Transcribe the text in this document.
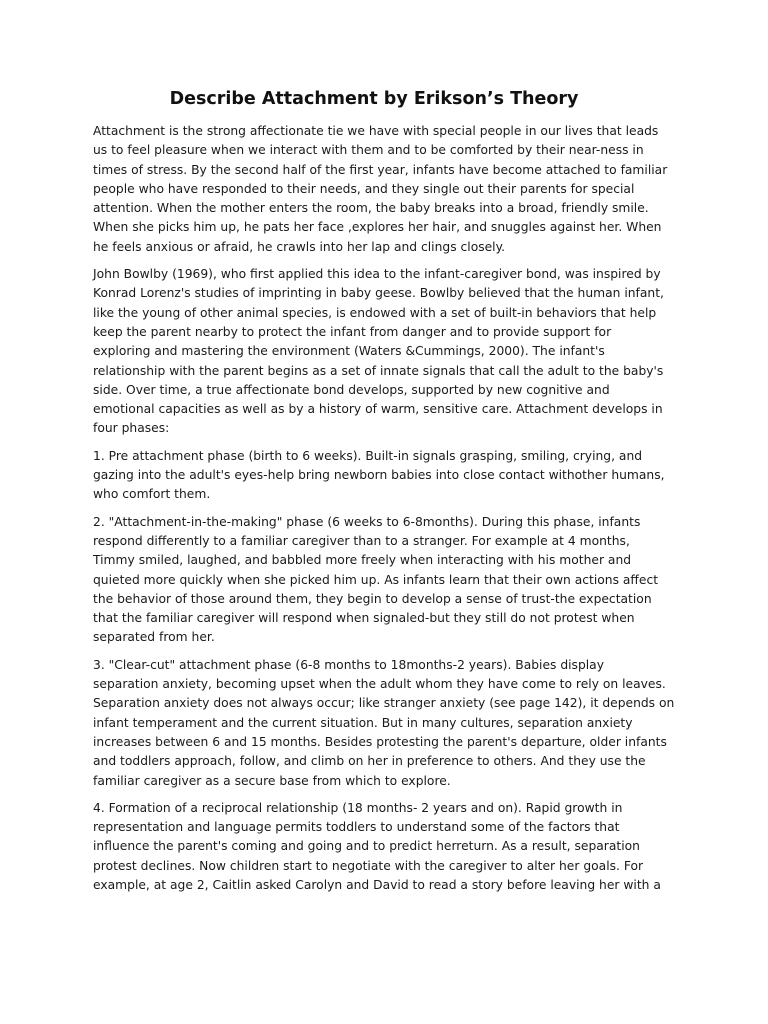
Describe Attachment by Erikson’s Theory

Attachment is the strong affectionate tie we have with special people in our lives that leads
us to feel pleasure when we interact with them and to be comforted by their near-ness in
times of stress. By the second half of the first year, infants have become attached to familiar
people who have responded to their needs, and they single out their parents for special
attention. When the mother enters the room, the baby breaks into a broad, friendly smile.
When she picks him up, he pats her face ,explores her hair, and snuggles against her. When
he feels anxious or afraid, he crawls into her lap and clings closely.

John Bowlby (1969), who first applied this idea to the infant-caregiver bond, was inspired by
Konrad Lorenz's studies of imprinting in baby geese. Bowlby believed that the human infant,
like the young of other animal species, is endowed with a set of built-in behaviors that help
keep the parent nearby to protect the infant from danger and to provide support for
exploring and mastering the environment (Waters &Cummings, 2000). The infant's
relationship with the parent begins as a set of innate signals that call the adult to the baby's
side. Over time, a true affectionate bond develops, supported by new cognitive and
emotional capacities as well as by a history of warm, sensitive care. Attachment develops in
four phases:

1. Pre attachment phase (birth to 6 weeks). Built-in signals grasping, smiling, crying, and
gazing into the adult's eyes-help bring newborn babies into close contact withother humans,
who comfort them.

2. "Attachment-in-the-making" phase (6 weeks to 6-8months). During this phase, infants
respond differently to a familiar caregiver than to a stranger. For example at 4 months,
Timmy smiled, laughed, and babbled more freely when interacting with his mother and
quieted more quickly when she picked him up. As infants learn that their own actions affect
the behavior of those around them, they begin to develop a sense of trust-the expectation
that the familiar caregiver will respond when signaled-but they still do not protest when
separated from her.

3. "Clear-cut" attachment phase (6-8 months to 18months-2 years). Babies display
separation anxiety, becoming upset when the adult whom they have come to rely on leaves.
Separation anxiety does not always occur; like stranger anxiety (see page 142), it depends on
infant temperament and the current situation. But in many cultures, separation anxiety
increases between 6 and 15 months. Besides protesting the parent's departure, older infants
and toddlers approach, follow, and climb on her in preference to others. And they use the
familiar caregiver as a secure base from which to explore.

4. Formation of a reciprocal relationship (18 months- 2 years and on). Rapid growth in
representation and language permits toddlers to understand some of the factors that
influence the parent's coming and going and to predict herreturn. As a result, separation
protest declines. Now children start to negotiate with the caregiver to alter her goals. For
example, at age 2, Caitlin asked Carolyn and David to read a story before leaving her with a
